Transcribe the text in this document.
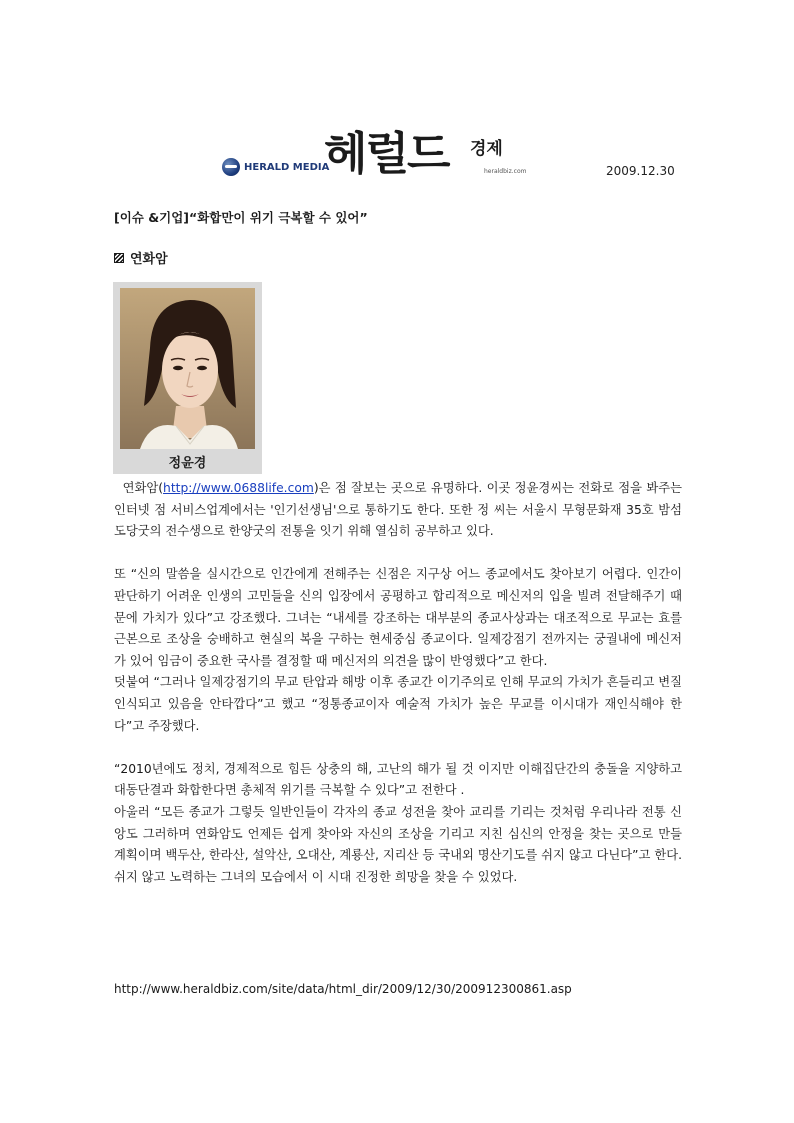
HERALD MEDIA
헤럴드 경제
heraldbiz.com	2009.12.30
[이슈 &기업]“화합만이 위기 극복할 수 있어”
연화암
정윤경

연화암(http://www.0688life.com)은 점 잘보는 곳으로 유명하다. 이곳 정윤경씨는 전화로 점을 봐주는 인터넷 점 서비스업계에서는 '인기선생님'으로 통하기도 한다. 또한 정 씨는 서울시 무형문화재 35호 밤섬도당굿의 전수생으로 한양굿의 전통을 잇기 위해 열심히 공부하고 있다.

또 “신의 말씀을 실시간으로 인간에게 전해주는 신점은 지구상 어느 종교에서도 찾아보기 어렵다. 인간이 판단하기 어려운 인생의 고민들을 신의 입장에서 공평하고 합리적으로 메신저의 입을 빌려 전달해주기 때문에 가치가 있다”고 강조했다. 그녀는 “내세를 강조하는 대부분의 종교사상과는 대조적으로 무교는 효를 근본으로 조상을 숭배하고 현실의 복을 구하는 현세중심 종교이다. 일제강점기 전까지는 궁궐내에 메신저가 있어 임금이 중요한 국사를 결정할 때 메신저의 의견을 많이 반영했다”고 한다.

덧붙여 “그러나 일제강점기의 무교 탄압과 해방 이후 종교간 이기주의로 인해 무교의 가치가 흔들리고 변질 인식되고 있음을 안타깝다”고 했고 “정통종교이자 예술적 가치가 높은 무교를 이시대가 재인식해야 한다”고 주장했다.

“2010년에도 정치, 경제적으로 힘든 상충의 해, 고난의 해가 될 것 이지만 이해집단간의 충돌을 지양하고 대동단결과 화합한다면 총체적 위기를 극복할 수 있다”고 전한다 .

아울러 “모든 종교가 그렇듯 일반인들이 각자의 종교 성전을 찾아 교리를 기리는 것처럼 우리나라 전통 신앙도 그러하며 연화암도 언제든 쉽게 찾아와 자신의 조상을 기리고 지친 심신의 안정을 찾는 곳으로 만들 계획이며 백두산, 한라산, 설악산, 오대산, 계룡산, 지리산 등 국내외 명산기도를 쉬지 않고 다닌다”고 한다. 쉬지 않고 노력하는 그녀의 모습에서 이 시대 진정한 희망을 찾을 수 있었다.

http://www.heraldbiz.com/site/data/html_dir/2009/12/30/200912300861.asp
